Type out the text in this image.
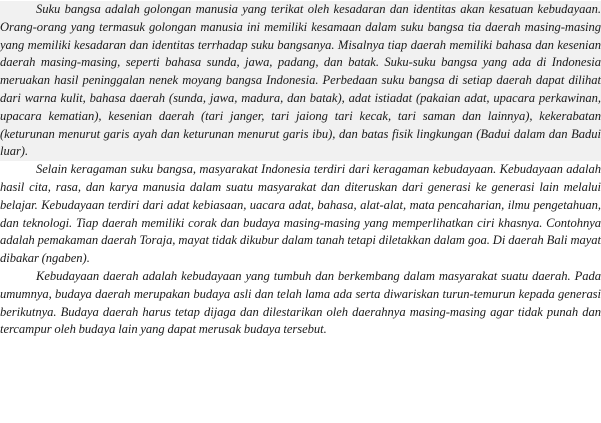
Suku bangsa adalah golongan manusia yang terikat oleh kesadaran dan identitas akan kesatuan kebudayaan. Orang-orang yang termasuk golongan manusia ini memiliki kesamaan dalam suku bangsa tia daerah masing-masing yang memiliki kesadaran dan identitas terrhadap suku bangsanya. Misalnya tiap daerah memiliki bahasa dan kesenian daerah masing-masing, seperti bahasa sunda, jawa, padang, dan batak. Suku-suku bangsa yang ada di Indonesia meruakan hasil peninggalan nenek moyang bangsa Indonesia. Perbedaan suku bangsa di setiap daerah dapat dilihat dari warna kulit, bahasa daerah (sunda, jawa, madura, dan batak), adat istiadat (pakaian adat, upacara perkawinan, upacara kematian), kesenian daerah (tari janger, tari jaiong tari kecak, tari saman dan lainnya), kekerabatan (keturunan menurut garis ayah dan keturunan menurut garis ibu), dan batas fisik lingkungan (Badui dalam dan Badui luar).

Selain keragaman suku bangsa, masyarakat Indonesia terdiri dari keragaman kebudayaan. Kebudayaan adalah hasil cita, rasa, dan karya manusia dalam suatu masyarakat dan diteruskan dari generasi ke generasi lain melalui belajar. Kebudayaan terdiri dari adat kebiasaan, uacara adat, bahasa, alat-alat, mata pencaharian, ilmu pengetahuan, dan teknologi. Tiap daerah memiliki corak dan budaya masing-masing yang memperlihatkan ciri khasnya. Contohnya adalah pemakaman daerah Toraja, mayat tidak dikubur dalam tanah tetapi diletakkan dalam goa. Di daerah Bali mayat dibakar (ngaben).

Kebudayaan daerah adalah kebudayaan yang tumbuh dan berkembang dalam masyarakat suatu daerah. Pada umumnya, budaya daerah merupakan budaya asli dan telah lama ada serta diwariskan turun-temurun kepada generasi berikutnya. Budaya daerah harus tetap dijaga dan dilestarikan oleh daerahnya masing-masing agar tidak punah dan tercampur oleh budaya lain yang dapat merusak budaya tersebut.
